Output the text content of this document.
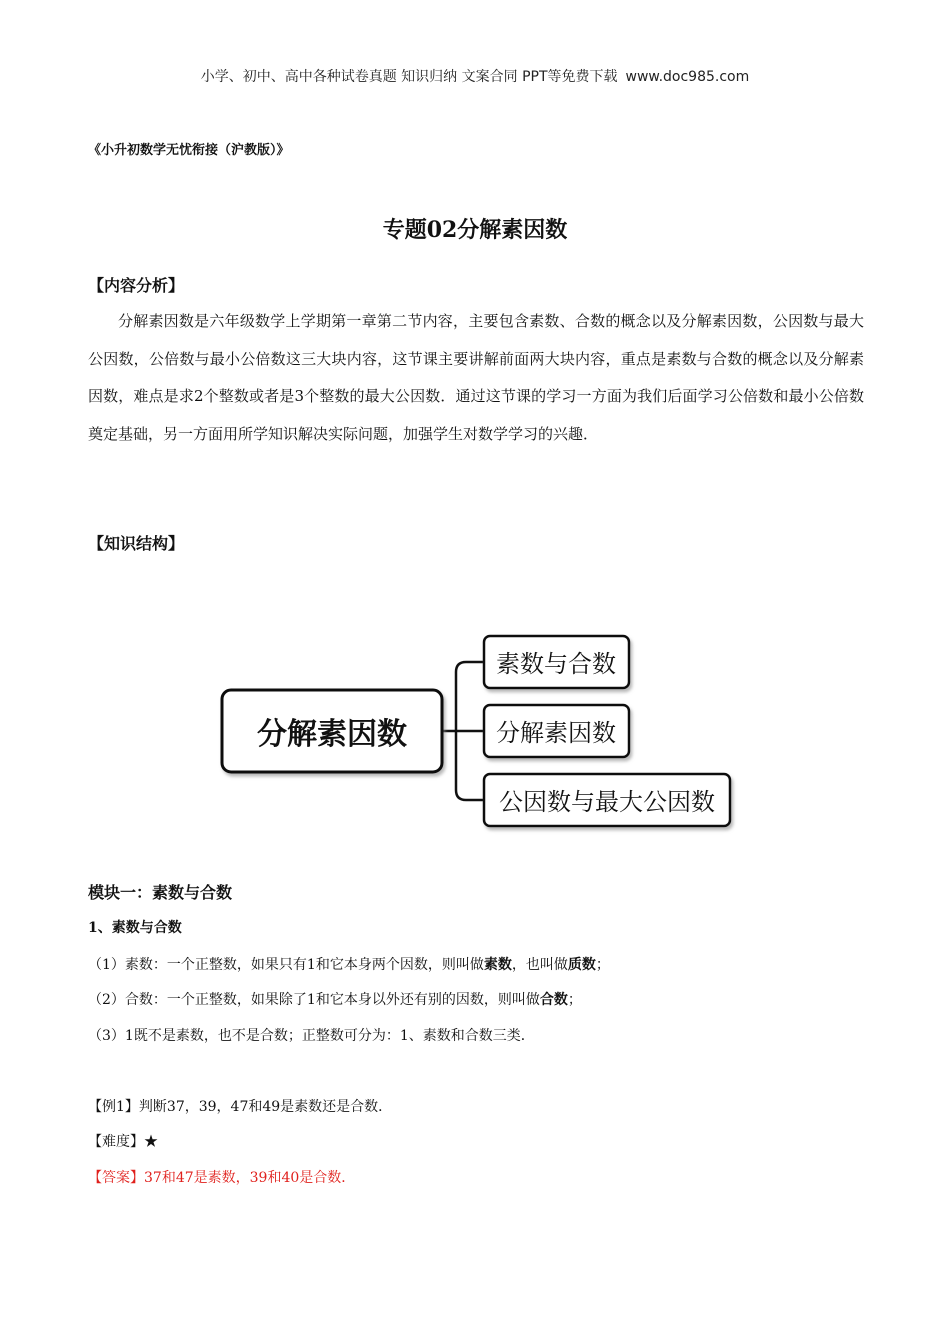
小学、初中、高中各种试卷真题 知识归纳 文案合同 PPT等免费下载 www.doc985.com
《小升初数学无忧衔接（沪教版）》
专题02分解素因数
【内容分析】
分解素因数是六年级数学上学期第一章第二节内容，主要包含素数、合数的概念以及分解素因数，公因数与最大公因数，公倍数与最小公倍数这三大块内容，这节课主要讲解前面两大块内容，重点是素数与合数的概念以及分解素因数，难点是求2个整数或者是3个整数的最大公因数．通过这节课的学习一方面为我们后面学习公倍数和最小公倍数奠定基础，另一方面用所学知识解决实际问题，加强学生对数学学习的兴趣．
【知识结构】
分解素因数
素数与合数
分解素因数
公因数与最大公因数
模块一：素数与合数
1、素数与合数
（1）素数：一个正整数，如果只有1和它本身两个因数，则叫做素数，也叫做质数；
（2）合数：一个正整数，如果除了1和它本身以外还有别的因数，则叫做合数；
（3）1既不是素数，也不是合数；正整数可分为：1、素数和合数三类．
【例1】判断37，39，47和49是素数还是合数．
【难度】★
【答案】37和47是素数，39和40是合数．
